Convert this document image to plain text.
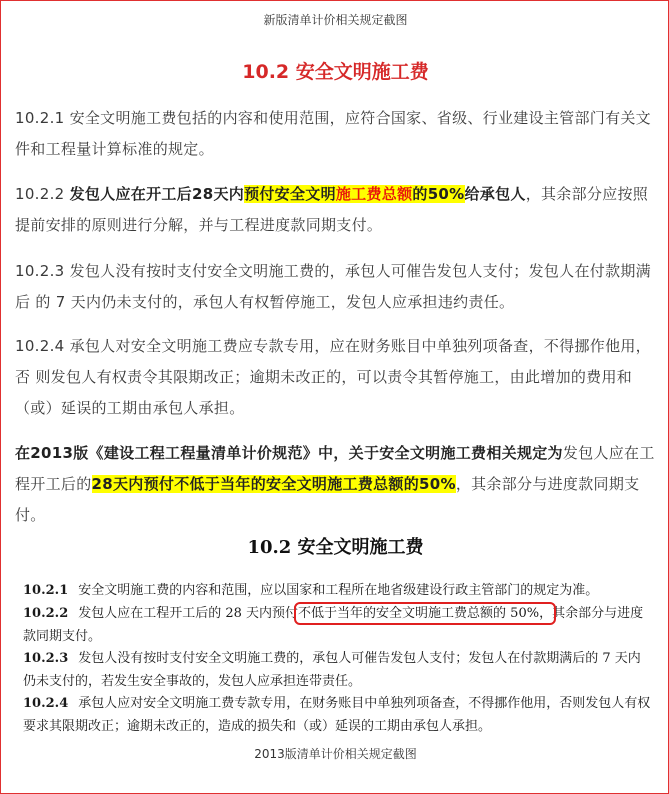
新版清单计价相关规定截图
10.2 安全文明施工费
10.2.1 安全文明施工费包括的内容和使用范围，应符合国家、省级、行业建设主管部门有关文件和工程量计算标准的规定。
10.2.2 发包人应在开工后28天内预付安全文明施工费总额的50%给承包人，其余部分应按照提前安排的原则进行分解，并与工程进度款同期支付。
10.2.3 发包人没有按时支付安全文明施工费的，承包人可催告发包人支付；发包人在付款期满后 的 7 天内仍未支付的，承包人有权暂停施工，发包人应承担违约责任。
10.2.4 承包人对安全文明施工费应专款专用，应在财务账目中单独列项备查，不得挪作他用，否 则发包人有权责令其限期改正；逾期未改正的，可以责令其暂停施工，由此增加的费用和（或）延误的工期由承包人承担。
在2013版《建设工程工程量清单计价规范》中，关于安全文明施工费相关规定为发包人应在工程开工后的28天内预付不低于当年的安全文明施工费总额的50%，其余部分与进度款同期支付。
10.2 安全文明施工费
10.2.1 安全文明施工费的内容和范围，应以国家和工程所在地省级建设行政主管部门的规定为准。
10.2.2 发包人应在工程开工后的 28 天内预付不低于当年的安全文明施工费总额的 50%，其余部分与进度款同期支付。
10.2.3 发包人没有按时支付安全文明施工费的，承包人可催告发包人支付；发包人在付款期满后的 7 天内仍未支付的，若发生安全事故的，发包人应承担连带责任。
10.2.4 承包人应对安全文明施工费专款专用，在财务账目中单独列项备查，不得挪作他用，否则发包人有权要求其限期改正；逾期未改正的，造成的损失和（或）延误的工期由承包人承担。
2013版清单计价相关规定截图
